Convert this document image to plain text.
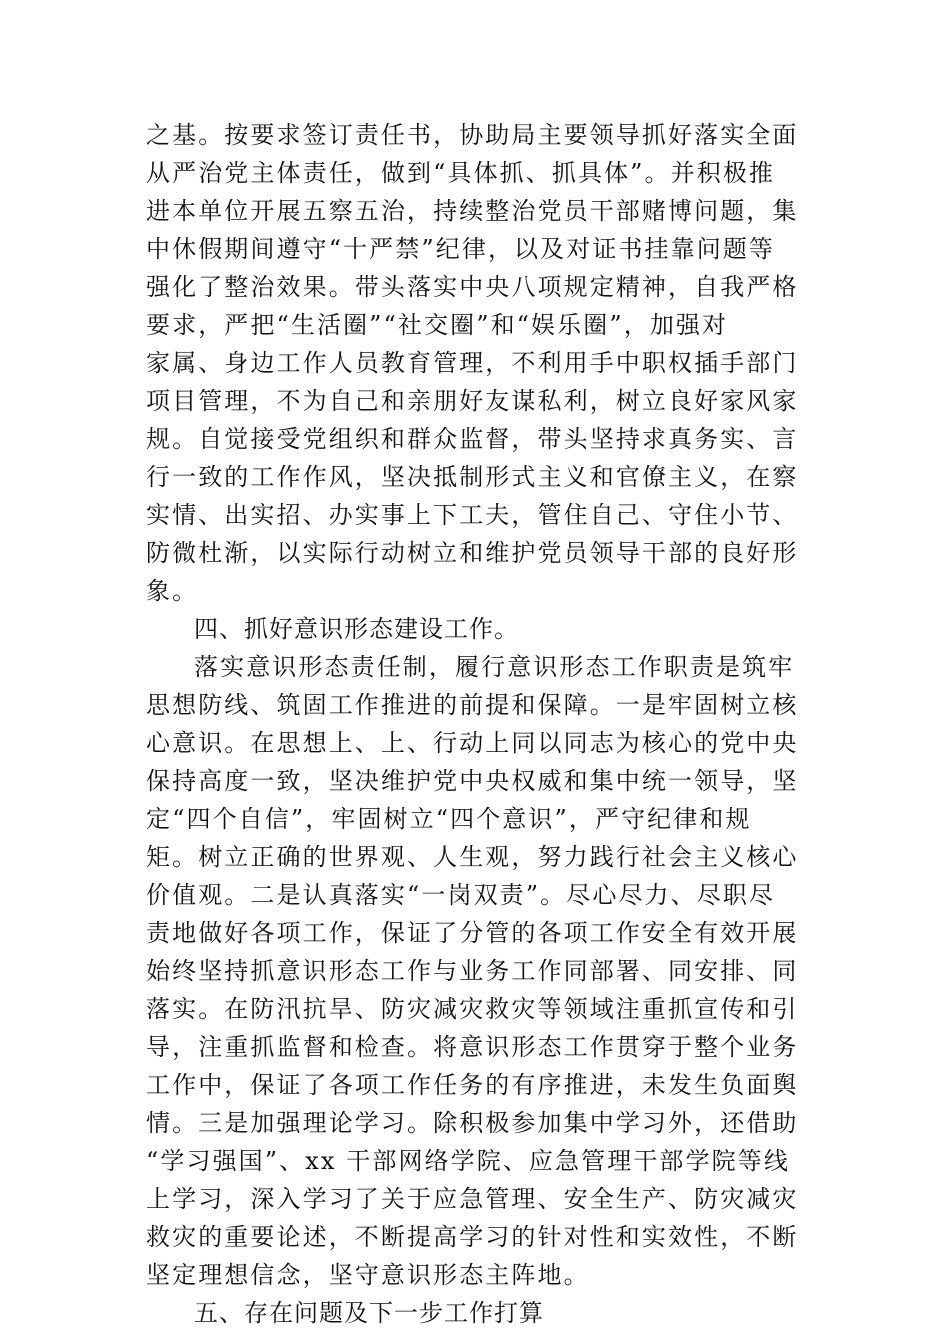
之基。按要求签订责任书，协助局主要领导抓好落实全面
从严治党主体责任，做到“具体抓、抓具体”。并积极推
进本单位开展五察五治，持续整治党员干部赌博问题，集
中休假期间遵守“十严禁”纪律，以及对证书挂靠问题等
强化了整治效果。带头落实中央八项规定精神，自我严格
要求，严把“生活圈”“社交圈”和“娱乐圈”，加强对
家属、身边工作人员教育管理，不利用手中职权插手部门
项目管理，不为自己和亲朋好友谋私利，树立良好家风家
规。自觉接受党组织和群众监督，带头坚持求真务实、言
行一致的工作作风，坚决抵制形式主义和官僚主义，在察
实情、出实招、办实事上下工夫，管住自己、守住小节、
防微杜渐，以实际行动树立和维护党员领导干部的良好形
象。
四、抓好意识形态建设工作。
落实意识形态责任制，履行意识形态工作职责是筑牢
思想防线、筑固工作推进的前提和保障。一是牢固树立核
心意识。在思想上、上、行动上同以同志为核心的党中央
保持高度一致，坚决维护党中央权威和集中统一领导，坚
定“四个自信”，牢固树立“四个意识”，严守纪律和规
矩。树立正确的世界观、人生观，努力践行社会主义核心
价值观。二是认真落实“一岗双责”。尽心尽力、尽职尽
责地做好各项工作，保证了分管的各项工作安全有效开展
始终坚持抓意识形态工作与业务工作同部署、同安排、同
落实。在防汛抗旱、防灾减灾救灾等领域注重抓宣传和引
导，注重抓监督和检查。将意识形态工作贯穿于整个业务
工作中，保证了各项工作任务的有序推进，未发生负面舆
情。三是加强理论学习。除积极参加集中学习外，还借助
“学习强国”、xx 干部网络学院、应急管理干部学院等线
上学习，深入学习了关于应急管理、安全生产、防灾减灾
救灾的重要论述，不断提高学习的针对性和实效性，不断
坚定理想信念，坚守意识形态主阵地。
五、存在问题及下一步工作打算
